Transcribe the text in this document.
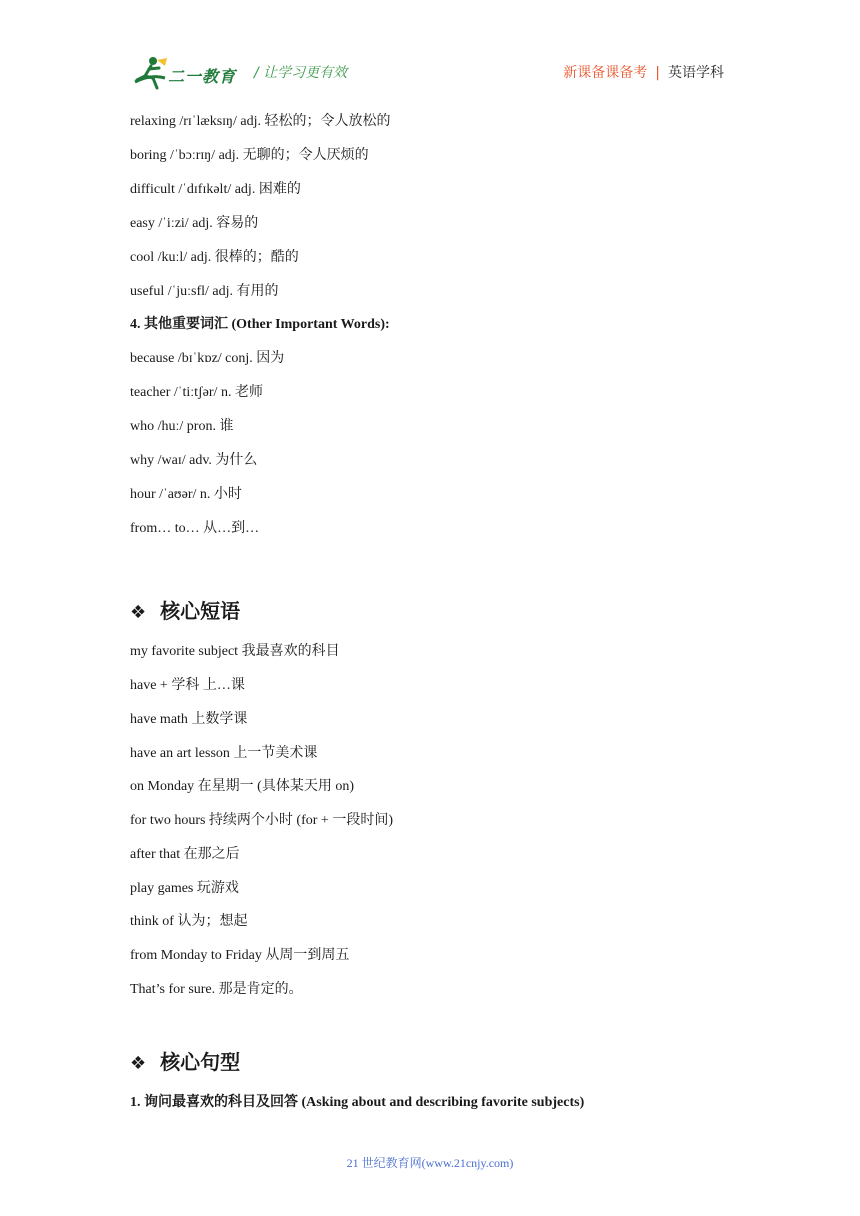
二一教育 / 让学习更有效	新课备课备考 | 英语学科
relaxing /rɪˈlæksɪŋ/ adj. 轻松的；令人放松的
boring /ˈbɔːrɪŋ/ adj. 无聊的；令人厌烦的
difficult /ˈdɪfɪkəlt/ adj. 困难的
easy /ˈiːzi/ adj. 容易的
cool /kuːl/ adj. 很棒的；酷的
useful /ˈjuːsfl/ adj. 有用的
4. 其他重要词汇 (Other Important Words):
because /bɪˈkɒz/ conj. 因为
teacher /ˈtiːtʃər/ n. 老师
who /huː/ pron. 谁
why /waɪ/ adv. 为什么
hour /ˈaʊər/ n. 小时
from… to… 从…到…
❖ 核心短语
my favorite subject 我最喜欢的科目
have + 学科 上…课
have math 上数学课
have an art lesson 上一节美术课
on Monday 在星期一 (具体某天用 on)
for two hours 持续两个小时 (for + 一段时间)
after that 在那之后
play games 玩游戏
think of 认为；想起
from Monday to Friday 从周一到周五
That’s for sure. 那是肯定的。
❖ 核心句型
1. 询问最喜欢的科目及回答 (Asking about and describing favorite subjects)
21 世纪教育网(www.21cnjy.com)
